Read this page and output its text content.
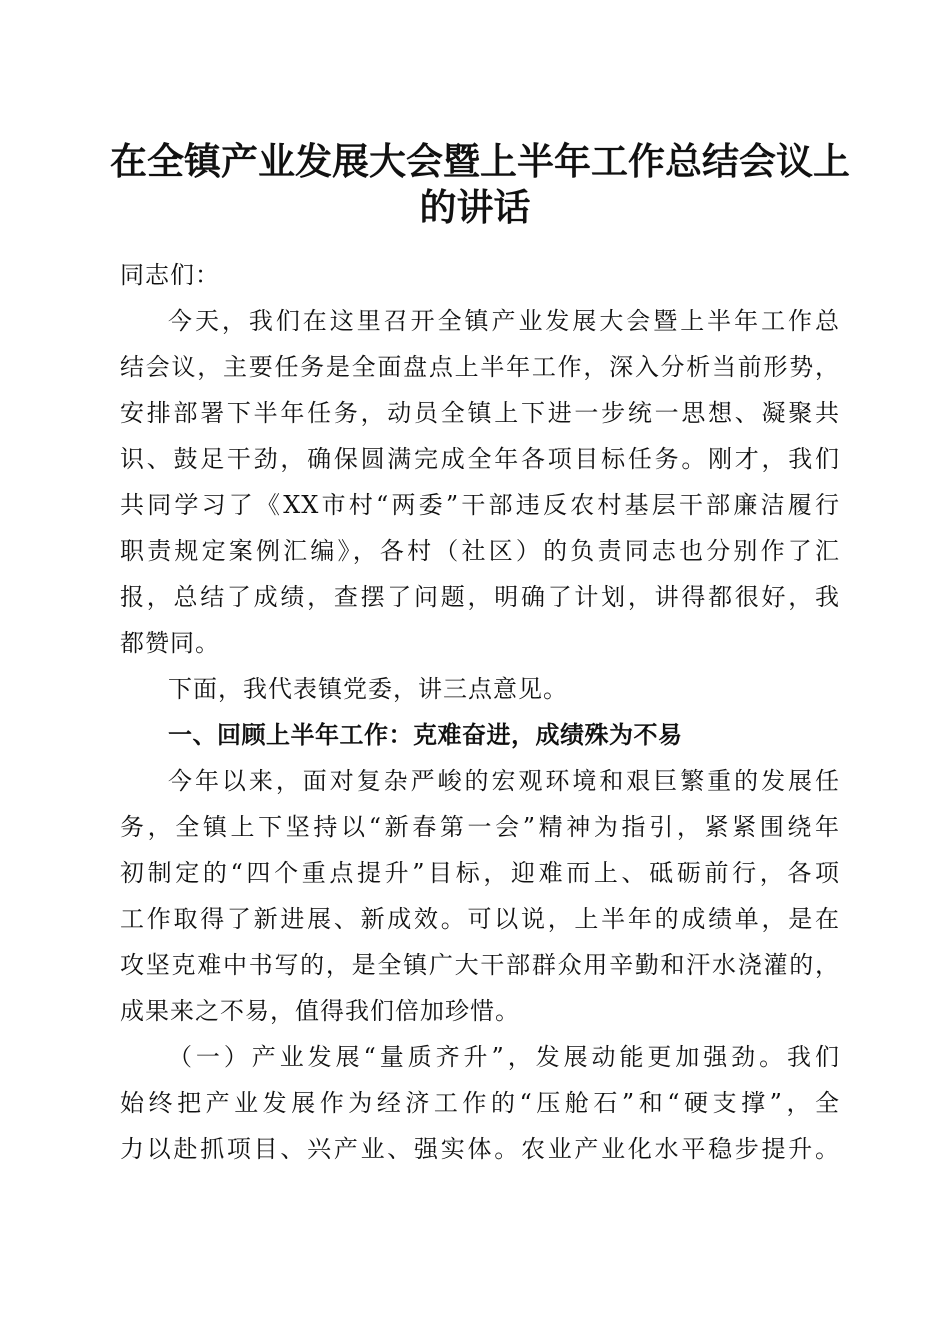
在全镇产业发展大会暨上半年工作总结会议上
的讲话
同志们：
今天，我们在这里召开全镇产业发展大会暨上半年工作总
结会议，主要任务是全面盘点上半年工作，深入分析当前形势，
安排部署下半年任务，动员全镇上下进一步统一思想、凝聚共
识、鼓足干劲，确保圆满完成全年各项目标任务。刚才，我们
共同学习了《XX市村“两委”干部违反农村基层干部廉洁履行
职责规定案例汇编》，各村（社区）的负责同志也分别作了汇
报，总结了成绩，查摆了问题，明确了计划，讲得都很好，我
都赞同。
下面，我代表镇党委，讲三点意见。
一、回顾上半年工作：克难奋进，成绩殊为不易
今年以来，面对复杂严峻的宏观环境和艰巨繁重的发展任
务，全镇上下坚持以“新春第一会”精神为指引，紧紧围绕年
初制定的“四个重点提升”目标，迎难而上、砥砺前行，各项
工作取得了新进展、新成效。可以说，上半年的成绩单，是在
攻坚克难中书写的，是全镇广大干部群众用辛勤和汗水浇灌的，
成果来之不易，值得我们倍加珍惜。
（一）产业发展“量质齐升”，发展动能更加强劲。我们
始终把产业发展作为经济工作的“压舱石”和“硬支撑”，全
力以赴抓项目、兴产业、强实体。农业产业化水平稳步提升。
